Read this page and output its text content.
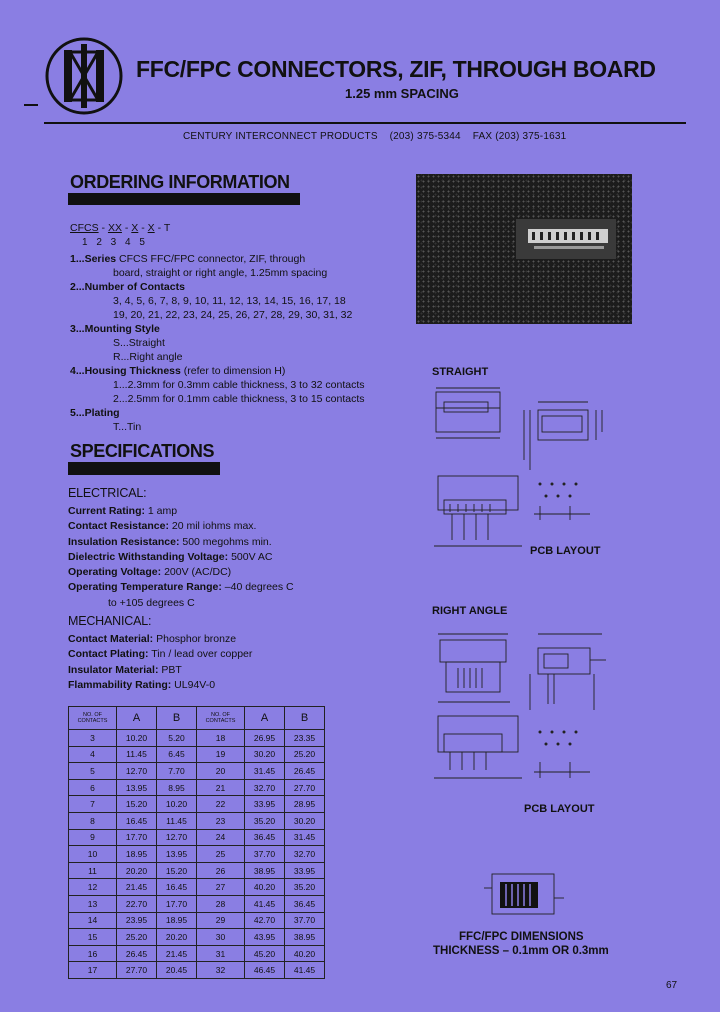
FFC/FPC CONNECTORS, ZIF, THROUGH BOARD
1.25 mm SPACING
CENTURY INTERCONNECT PRODUCTS    (203) 375-5344    FAX (203) 375-1631
ORDERING INFORMATION
CFCS - XX - X - X - T
1 2 3 4 5
1...Series CFCS FFC/FPC connector, ZIF, through
board, straight or right angle, 1.25mm spacing
2...Number of Contacts
3, 4, 5, 6, 7, 8, 9, 10, 11, 12, 13, 14, 15, 16, 17, 18
19, 20, 21, 22, 23, 24, 25, 26, 27, 28, 29, 30, 31, 32
3...Mounting Style
S...Straight
R...Right angle
4...Housing Thickness (refer to dimension H)
1...2.3mm for 0.3mm cable thickness, 3 to 32 contacts
2...2.5mm for 0.1mm cable thickness, 3 to 15 contacts
5...Plating
T...Tin
SPECIFICATIONS
ELECTRICAL:
Current Rating: 1 amp
Contact Resistance: 20 mil iohms max.
Insulation Resistance: 500 megohms min.
Dielectric Withstanding Voltage: 500V AC
Operating Voltage: 200V (AC/DC)
Operating Temperature Range: –40 degrees C
to +105 degrees C
MECHANICAL:
Contact Material: Phosphor bronze
Contact Plating: Tin / lead over copper
Insulator Material: PBT
Flammability Rating: UL94V-0
NO. OF CONTACTS	A	B	NO. OF CONTACTS	A	B
3	10.20	5.20	18	26.95	23.35
4	11.45	6.45	19	30.20	25.20
5	12.70	7.70	20	31.45	26.45
6	13.95	8.95	21	32.70	27.70
7	15.20	10.20	22	33.95	28.95
8	16.45	11.45	23	35.20	30.20
9	17.70	12.70	24	36.45	31.45
10	18.95	13.95	25	37.70	32.70
11	20.20	15.20	26	38.95	33.95
12	21.45	16.45	27	40.20	35.20
13	22.70	17.70	28	41.45	36.45
14	23.95	18.95	29	42.70	37.70
15	25.20	20.20	30	43.95	38.95
16	26.45	21.45	31	45.20	40.20
17	27.70	20.45	32	46.45	41.45
STRAIGHT
PCB LAYOUT
RIGHT ANGLE
PCB LAYOUT
FFC/FPC DIMENSIONS
THICKNESS – 0.1mm OR 0.3mm
67
